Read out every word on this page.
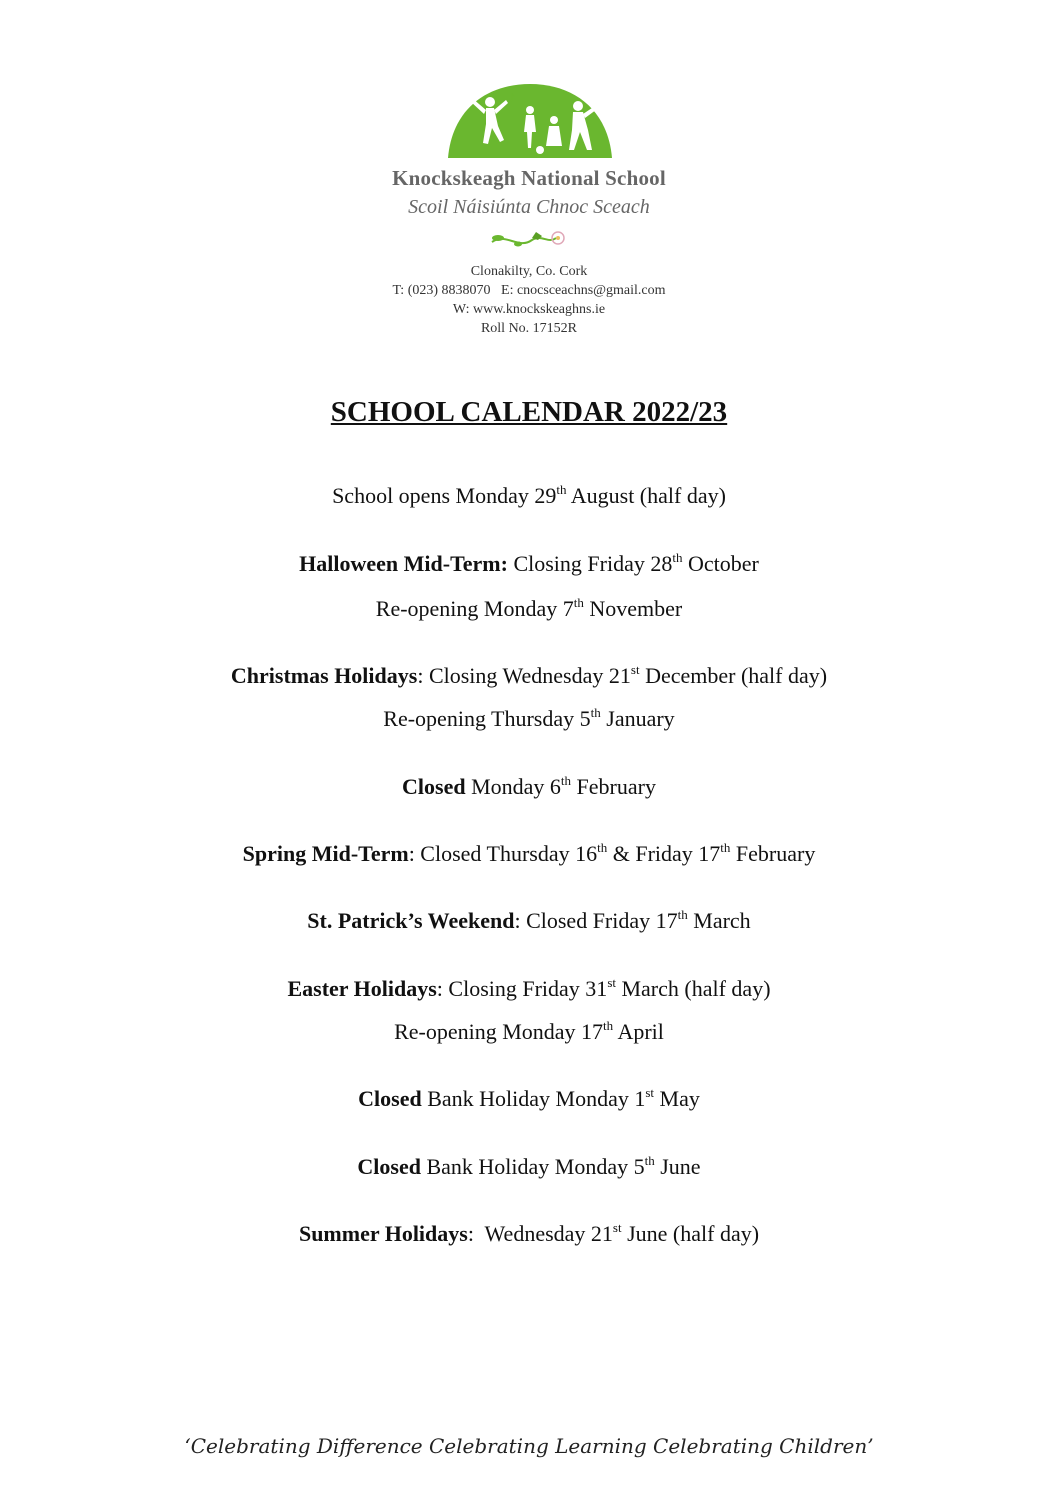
♪
Knockskeagh National School
Scoil Náisiúnta Chnoc Sceach
Clonakilty, Co. Cork
T: (023) 8838070   E: cnocsceachns@gmail.com
W: www.knockskeaghns.ie
Roll No. 17152R
SCHOOL CALENDAR 2022/23
School opens Monday 29th August (half day)
Halloween Mid-Term: Closing Friday 28th October
Re-opening Monday 7th November
Christmas Holidays: Closing Wednesday 21st December (half day)
Re-opening Thursday 5th January
Closed Monday 6th February
Spring Mid-Term: Closed Thursday 16th & Friday 17th February
St. Patrick’s Weekend: Closed Friday 17th March
Easter Holidays: Closing Friday 31st March (half day)
Re-opening Monday 17th April
Closed Bank Holiday Monday 1st May
Closed Bank Holiday Monday 5th June
Summer Holidays:  Wednesday 21st June (half day)
‘Celebrating Difference Celebrating Learning Celebrating Children’
